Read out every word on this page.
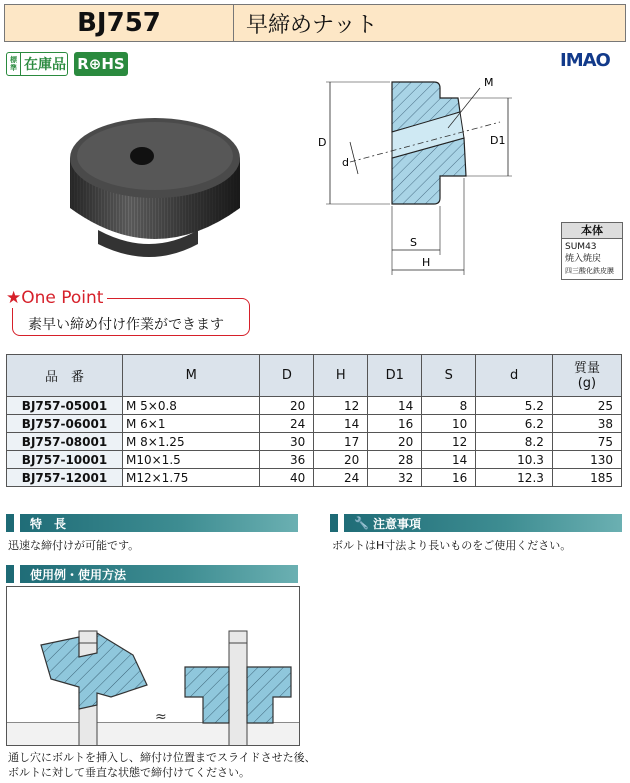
BJ757	早締めナット
標準 在庫品 R⊕HS	IMAO
D
d
D1
M
S
H
本体
SUM43
焼入焼戻
四三酸化鉄皮膜
★One Point
素早い締め付け作業ができます
品　番	M	D	H	D1	S	d	質量
(g)
BJ757-05001	M 5×0.8	20	12	14	8	5.2	25
BJ757-06001	M 6×1	24	14	16	10	6.2	38
BJ757-08001	M 8×1.25	30	17	20	12	8.2	75
BJ757-10001	M10×1.5	36	20	28	14	10.3	130
BJ757-12001	M12×1.75	40	24	32	16	12.3	185
特　長
迅速な締付けが可能です。
🔧 注意事項
ボルトはH寸法より長いものをご使用ください。
使用例・使用方法
≈
通し穴にボルトを挿入し、締付け位置までスライドさせた後、
ボルトに対して垂直な状態で締付けてください。
